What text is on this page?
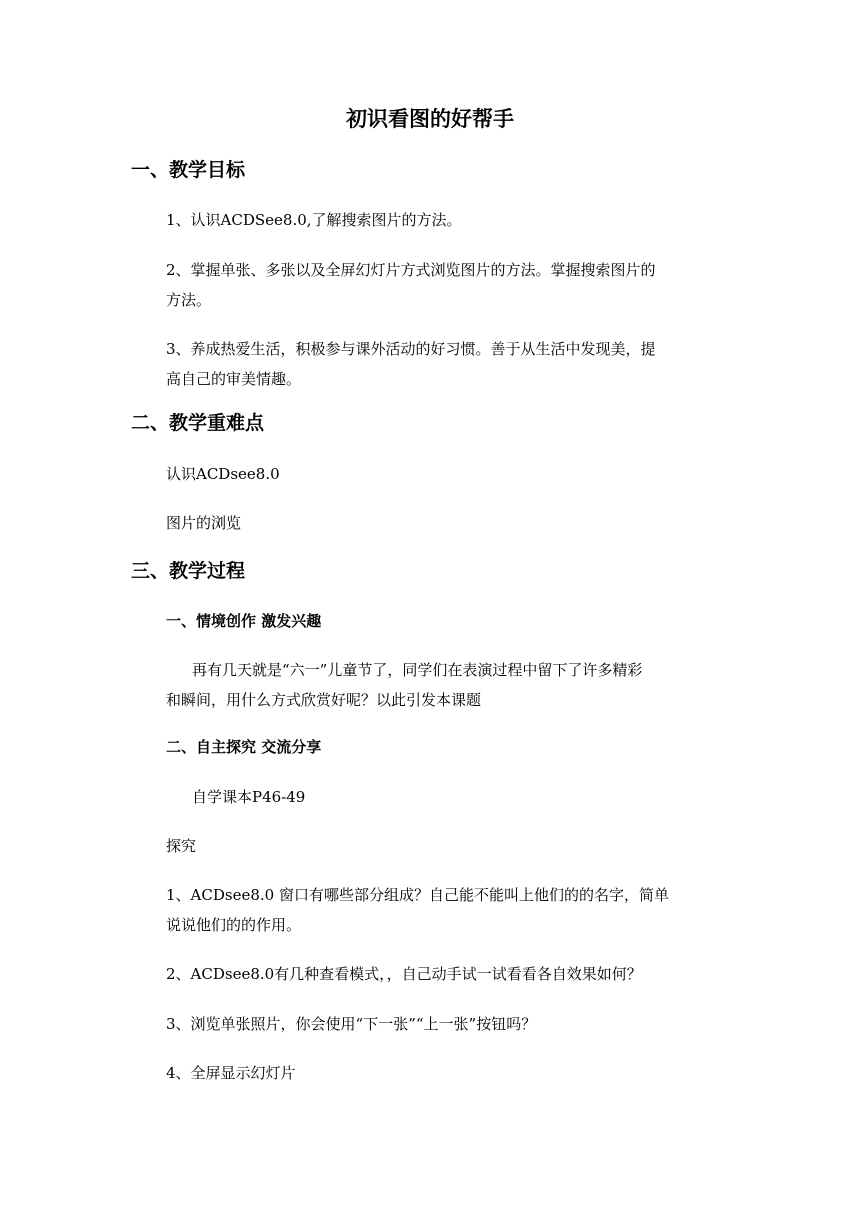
初识看图的好帮手
一、教学目标
1、认识ACDSee8.0,了解搜索图片的方法。
2、掌握单张、多张以及全屏幻灯片方式浏览图片的方法。掌握搜索图片的
方法。
3、养成热爱生活，积极参与课外活动的好习惯。善于从生活中发现美，提
高自己的审美情趣。
二、教学重难点
认识ACDsee8.0
图片的浏览
三、教学过程
一、情境创作 激发兴趣
再有几天就是“六一”儿童节了，同学们在表演过程中留下了许多精彩
和瞬间，用什么方式欣赏好呢？以此引发本课题
二、自主探究 交流分享
自学课本P46-49
探究
1、ACDsee8.0 窗口有哪些部分组成？自己能不能叫上他们的的名字，简单
说说他们的的作用。
2、ACDsee8.0有几种查看模式，，自己动手试一试看看各自效果如何？
3、浏览单张照片，你会使用“下一张”“上一张”按钮吗？
4、全屏显示幻灯片
